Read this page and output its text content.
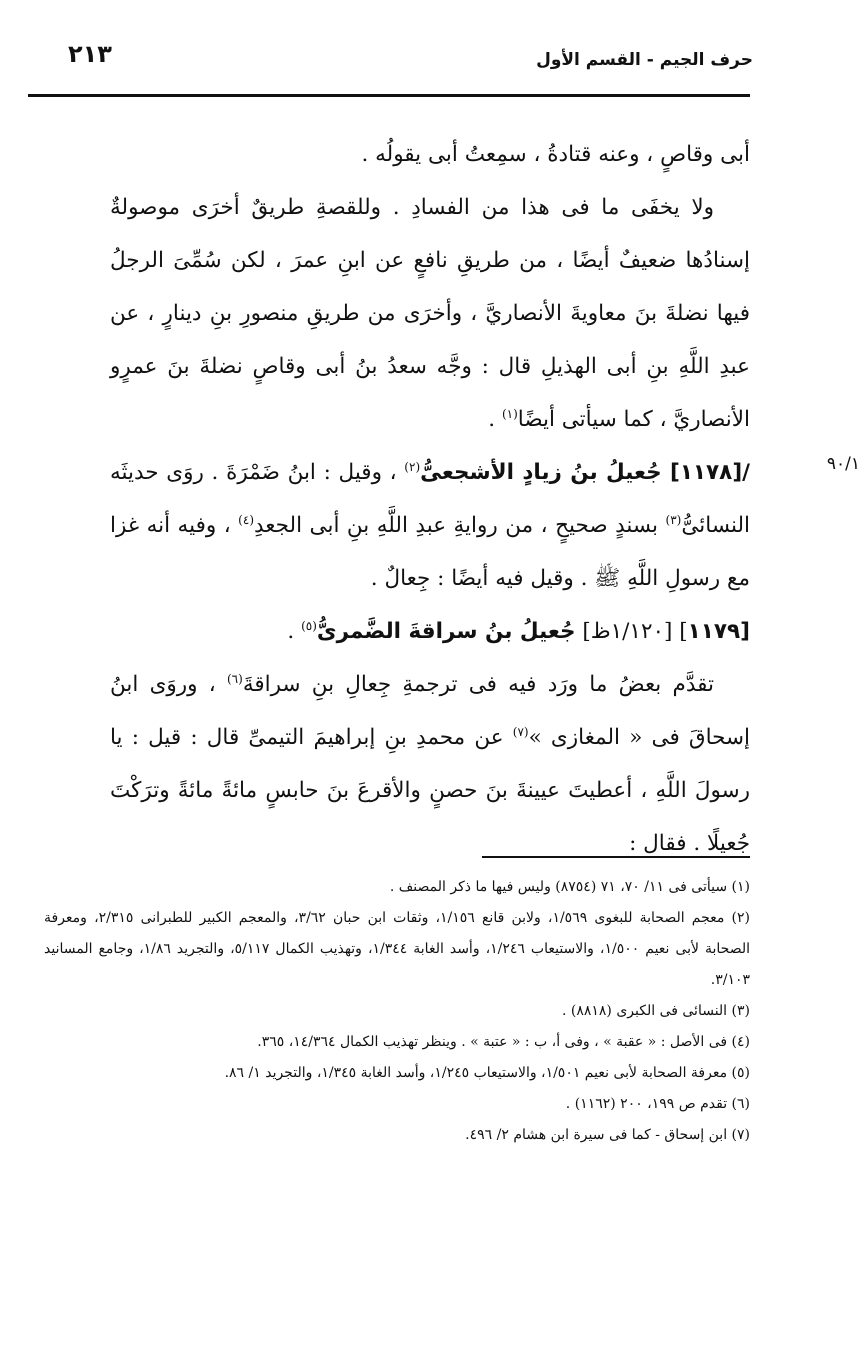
حرف الجيم - القسم الأول
٢١٣
٩٠/١

أبى وقاصٍ ، وعنه قتادةُ ، سمِعتُ أبى يقولُه .

ولا يخفَى ما فى هذا من الفسادِ . وللقصةِ طريقٌ أخرَى موصولةٌ إسنادُها ضعيفٌ أيضًا ، من طريقِ نافعٍ عن ابنِ عمرَ ، لكن سُمِّىَ الرجلُ فيها نضلةَ بنَ معاويةَ الأنصاريَّ ، وأخرَى من طريقِ منصورِ بنِ دينارٍ ، عن عبدِ اللَّهِ بنِ أبى الهذيلِ قال : وجَّه سعدُ بنُ أبى وقاصٍ نضلةَ بنَ عمرٍو الأنصاريَّ ، كما سيأتى أيضًا$^{(١)}$ .

/[١١٧٨] جُعيلُ بنُ زيادٍ الأشجعىُّ$^{(٢)}$ ، وقيل : ابنُ ضَمْرَةَ . روَى حديثَه النسائىُّ$^{(٣)}$ بسندٍ صحيحٍ ، من روايةِ عبدِ اللَّهِ بنِ أبى الجعدِ$^{(٤)}$ ، وفيه أنه غزا مع رسولِ اللَّهِ ﷺ . وقيل فيه أيضًا : جِعالٌ .

[١١٧٩] [١/١٢٠ظ] جُعيلُ بنُ سراقةَ الضَّمرىُّ$^{(٥)}$ .

تقدَّم بعضُ ما ورَد فيه فى ترجمةِ جِعالِ بنِ سراقةَ$^{(٦)}$ ، وروَى ابنُ إسحاقَ فى « المغازى »$^{(٧)}$ عن محمدِ بنِ إبراهيمَ التيمىِّ قال : قيل : يا رسولَ اللَّهِ ، أعطيتَ عيينةَ بنَ حصنٍ والأقرعَ بنَ حابسٍ مائةً مائةً وترَكْتَ جُعيلًا . فقال :

(١) سيأتى فى ١١/ ٧٠، ٧١ (٨٧٥٤) وليس فيها ما ذكر المصنف .

(٢) معجم الصحابة للبغوى ١/٥٦٩، ولابن قانع ١/١٥٦، وثقات ابن حبان ٣/٦٢، والمعجم الكبير للطبرانى ٢/٣١٥، ومعرفة الصحابة لأبى نعيم ١/٥٠٠، والاستيعاب ١/٢٤٦، وأسد الغابة ١/٣٤٤، وتهذيب الكمال ٥/١١٧، والتجريد ١/٨٦، وجامع المسانيد ٣/١٠٣.

(٣) النسائى فى الكبرى (٨٨١٨) .

(٤) فى الأصل : « عقبة » ، وفى أ، ب : « عتبة » . وينظر تهذيب الكمال ١٤/٣٦٤، ٣٦٥.

(٥) معرفة الصحابة لأبى نعيم ١/٥٠١، والاستيعاب ١/٢٤٥، وأسد الغابة ١/٣٤٥، والتجريد ١/ ٨٦.

(٦) تقدم ص ١٩٩، ٢٠٠ (١١٦٢) .

(٧) ابن إسحاق - كما فى سيرة ابن هشام ٢/ ٤٩٦.
